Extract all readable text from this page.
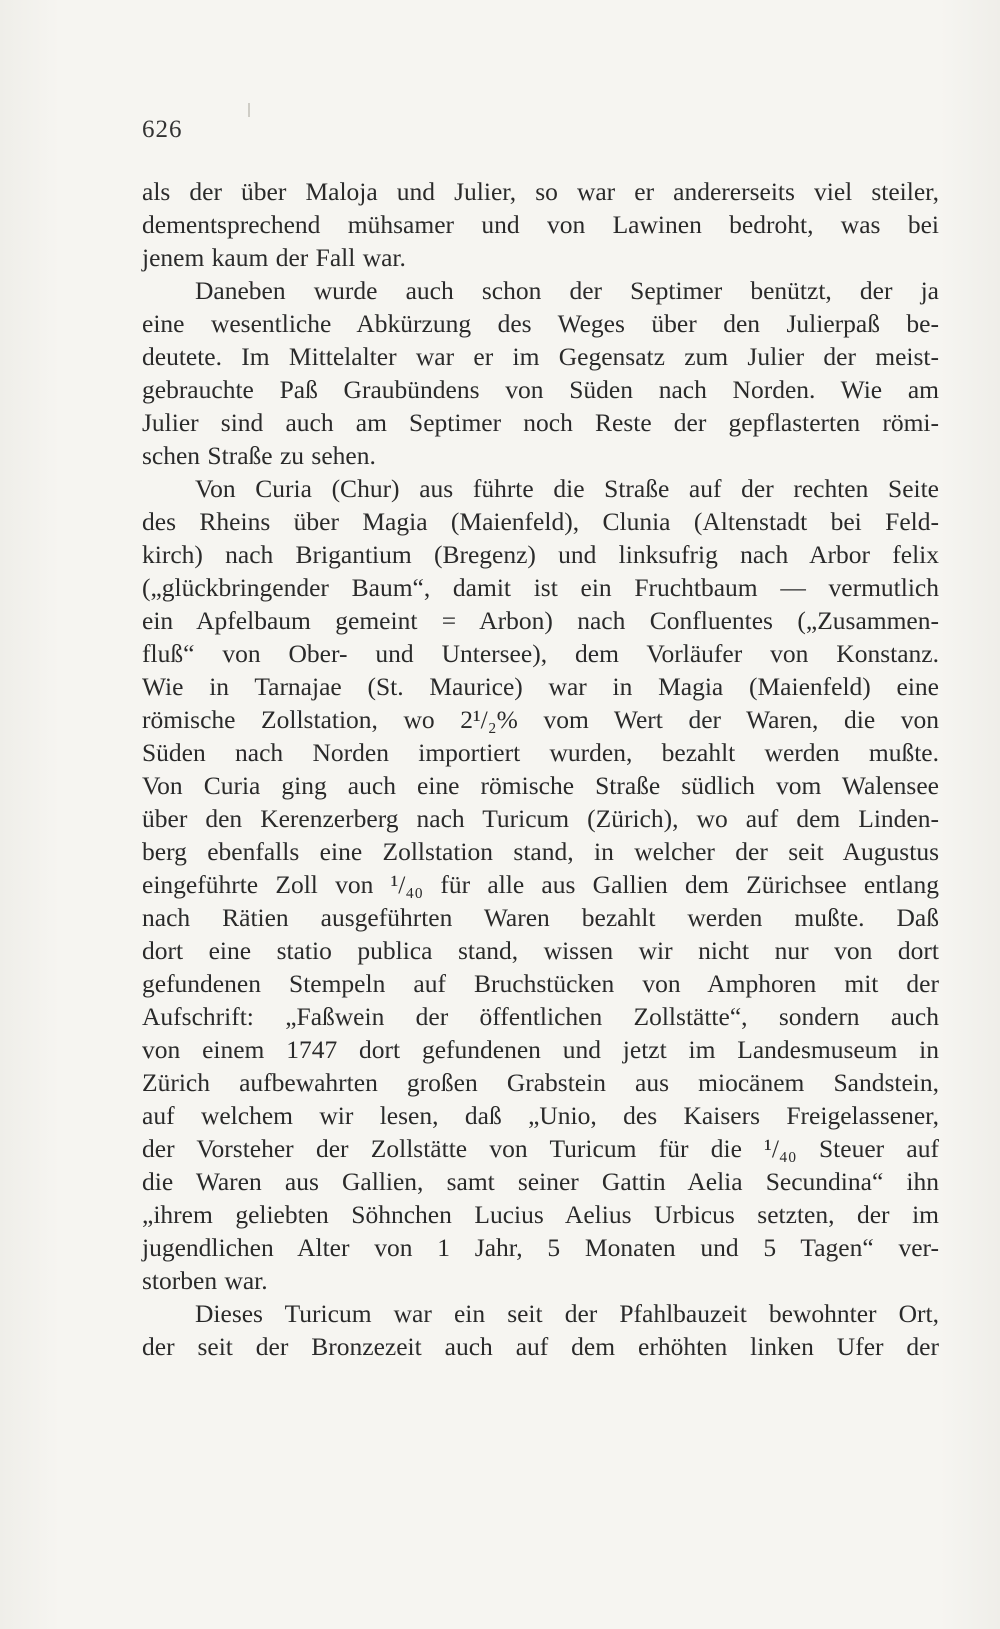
626
als der über Maloja und Julier, so war er andererseits viel steiler,
dementsprechend mühsamer und von Lawinen bedroht, was bei
jenem kaum der Fall war.
Daneben wurde auch schon der Septimer benützt, der ja
eine wesentliche Abkürzung des Weges über den Julierpaß be-
deutete. Im Mittelalter war er im Gegensatz zum Julier der meist-
gebrauchte Paß Graubündens von Süden nach Norden. Wie am
Julier sind auch am Septimer noch Reste der gepflasterten römi-
schen Straße zu sehen.
Von Curia (Chur) aus führte die Straße auf der rechten Seite
des Rheins über Magia (Maienfeld), Clunia (Altenstadt bei Feld-
kirch) nach Brigantium (Bregenz) und linksufrig nach Arbor felix
(„glückbringender Baum“, damit ist ein Fruchtbaum — vermutlich
ein Apfelbaum gemeint = Arbon) nach Confluentes („Zusammen-
fluß“ von Ober- und Untersee), dem Vorläufer von Konstanz.
Wie in Tarnajae (St. Maurice) war in Magia (Maienfeld) eine
römische Zollstation, wo 2¹/₂% vom Wert der Waren, die von
Süden nach Norden importiert wurden, bezahlt werden mußte.
Von Curia ging auch eine römische Straße südlich vom Walensee
über den Kerenzerberg nach Turicum (Zürich), wo auf dem Linden-
berg ebenfalls eine Zollstation stand, in welcher der seit Augustus
eingeführte Zoll von ¹/₄₀ für alle aus Gallien dem Zürichsee entlang
nach Rätien ausgeführten Waren bezahlt werden mußte. Daß
dort eine statio publica stand, wissen wir nicht nur von dort
gefundenen Stempeln auf Bruchstücken von Amphoren mit der
Aufschrift: „Faßwein der öffentlichen Zollstätte“, sondern auch
von einem 1747 dort gefundenen und jetzt im Landesmuseum in
Zürich aufbewahrten großen Grabstein aus miocänem Sandstein,
auf welchem wir lesen, daß „Unio, des Kaisers Freigelassener,
der Vorsteher der Zollstätte von Turicum für die ¹/₄₀ Steuer auf
die Waren aus Gallien, samt seiner Gattin Aelia Secundina“ ihn
„ihrem geliebten Söhnchen Lucius Aelius Urbicus setzten, der im
jugendlichen Alter von 1 Jahr, 5 Monaten und 5 Tagen“ ver-
storben war.
Dieses Turicum war ein seit der Pfahlbauzeit bewohnter Ort,
der seit der Bronzezeit auch auf dem erhöhten linken Ufer der
